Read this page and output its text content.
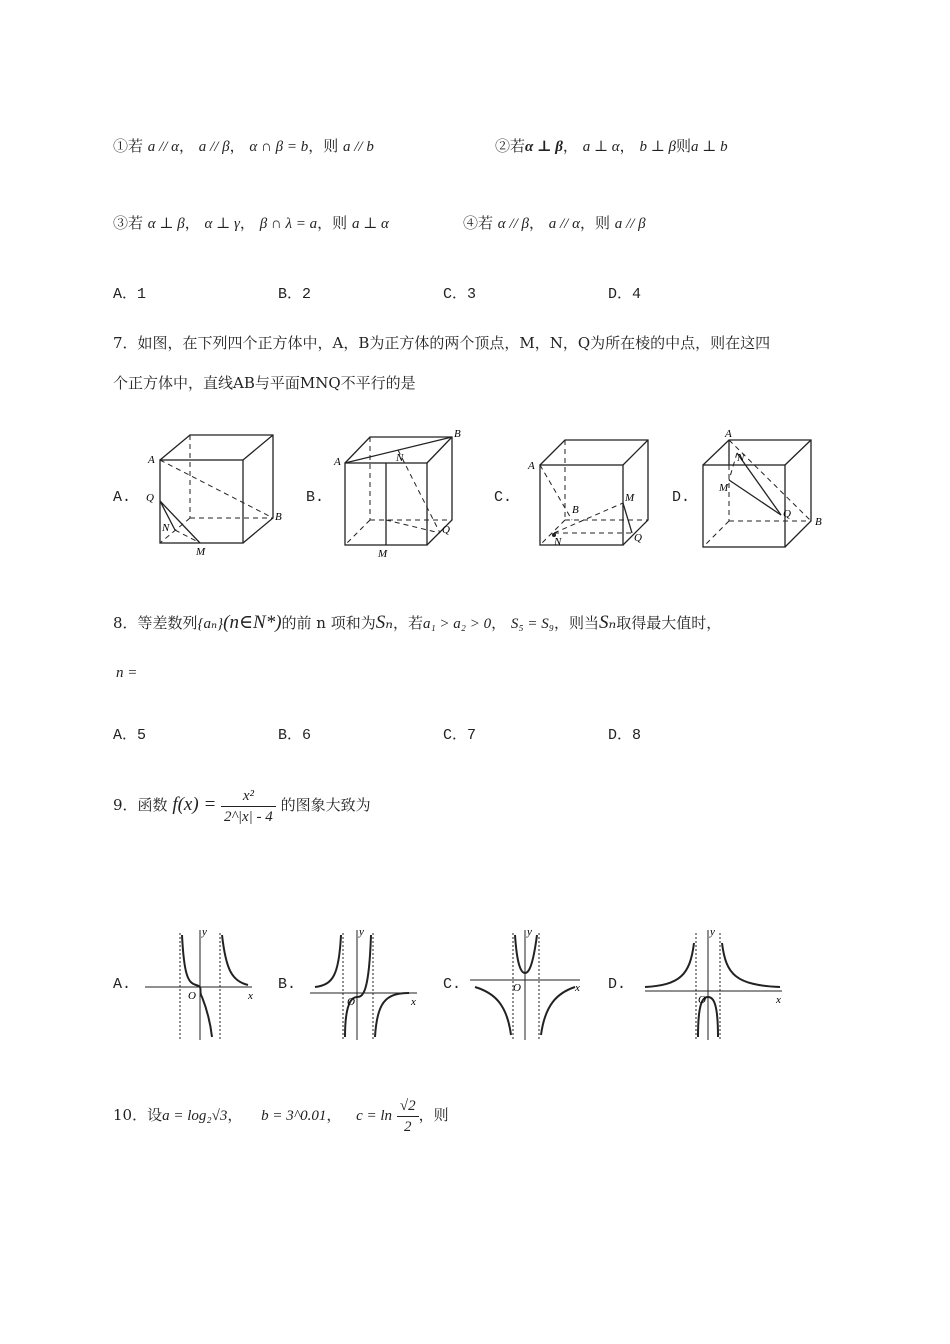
①若 a // α， a // β， α ∩ β = b，则 a // b	②若α ⊥ β， a ⊥ α， b ⊥ β则a ⊥ b
③若 α ⊥ β， α ⊥ γ， β ∩ λ = a，则 a ⊥ α	④若 α // β， a // α，则 a // β
A．1	B．2	C．3	D．4
7．如图，在下列四个正方体中，A，B为正方体的两个顶点，M，N，Q为所在棱的中点，则在这四
个正方体中，直线AB与平面MNQ不平行的是
A.	B.	C.	D.
A
B
Q
N
M
A
B
N
Q
M
A
B
M
Q
N
A
N
M
Q
B
8．等差数列{aₙ}(n∈N*)的前 n 项和为Sₙ，若a₁ > a₂ > 0， S₅ = S₉，则当Sₙ取得最大值时，
n =
A．5	B．6	C．7	D．8
9．函数 $f(x) = \frac{\text{x²}}{2\^{}|x| - 4}$ 的图象大致为
A.	B.	C.	D.
y
x
O
y
x
O
y
x
O
y
x
O
10．设a = log₂√3， b = 3^0.01， $c = \ln \frac{√2}{2}$ ，则
